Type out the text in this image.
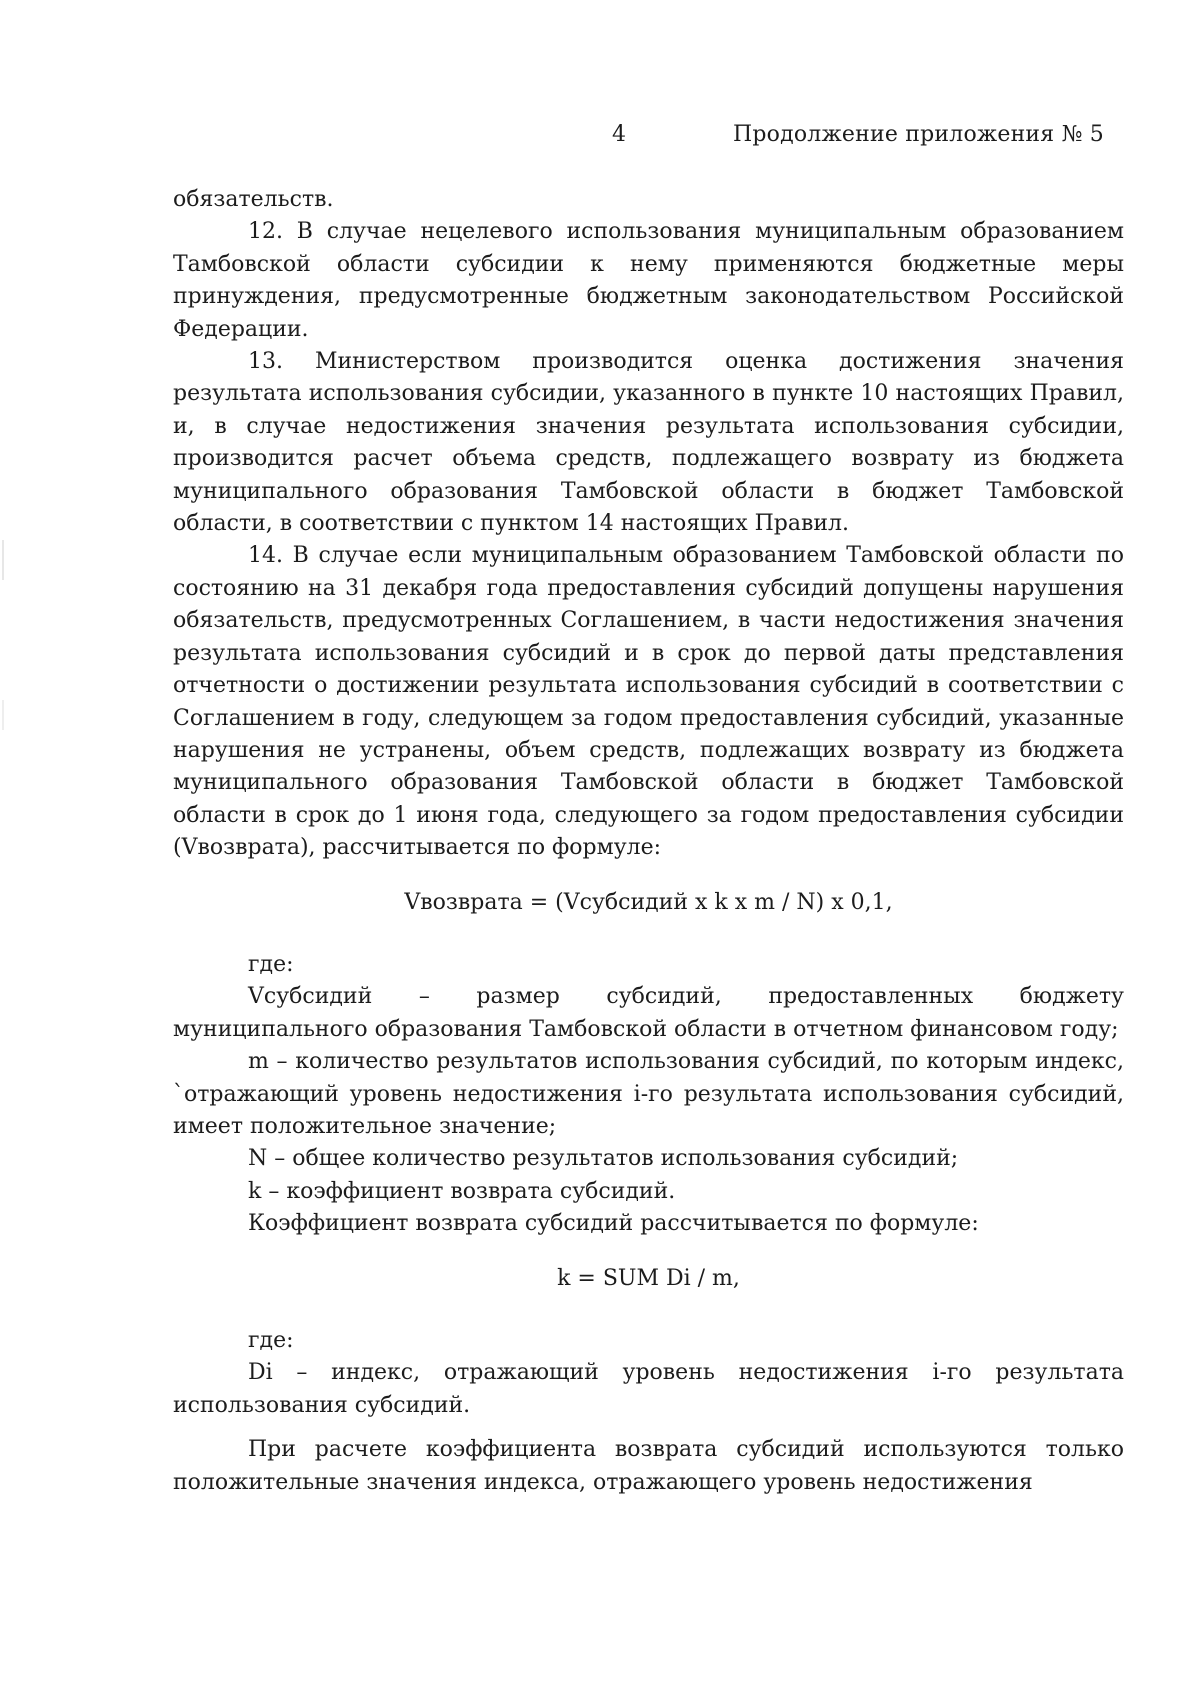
4	Продолжение приложения № 5

обязательств.

12. В случае нецелевого использования муниципальным образованием Тамбовской области субсидии к нему применяются бюджетные меры принуждения, предусмотренные бюджетным законодательством Российской Федерации.

13. Министерством производится оценка достижения значения результата использования субсидии, указанного в пункте 10 настоящих Правил, и, в случае недостижения значения результата использования субсидии, производится расчет объема средств, подлежащего возврату из бюджета муниципального образования Тамбовской области в бюджет Тамбовской области, в соответствии с пунктом 14 настоящих Правил.

14. В случае если муниципальным образованием Тамбовской области по состоянию на 31 декабря года предоставления субсидий допущены нарушения обязательств, предусмотренных Соглашением, в части недостижения значения результата использования субсидий и в срок до первой даты представления отчетности о достижении результата использования субсидий в соответствии с Соглашением в году, следующем за годом предоставления субсидий, указанные нарушения не устранены, объем средств, подлежащих возврату из бюджета муниципального образования Тамбовской области в бюджет Тамбовской области в срок до 1 июня года, следующего за годом предоставления субсидии (Vвозврата), рассчитывается по формуле:

Vвозврата = (Vсубсидий x k x m / N) x 0,1,

где:

Vсубсидий – размер субсидий, предоставленных бюджету муниципального образования Тамбовской области в отчетном финансовом году;

m – количество результатов использования субсидий, по которым индекс, `отражающий уровень недостижения i-го результата использования субсидий, имеет положительное значение;

N – общее количество результатов использования субсидий;

k – коэффициент возврата субсидий.

Коэффициент возврата субсидий рассчитывается по формуле:

k = SUM Di / m,

где:

Di – индекс, отражающий уровень недостижения i-го результата использования субсидий.

При расчете коэффициента возврата субсидий используются только положительные значения индекса, отражающего уровень недостижения
